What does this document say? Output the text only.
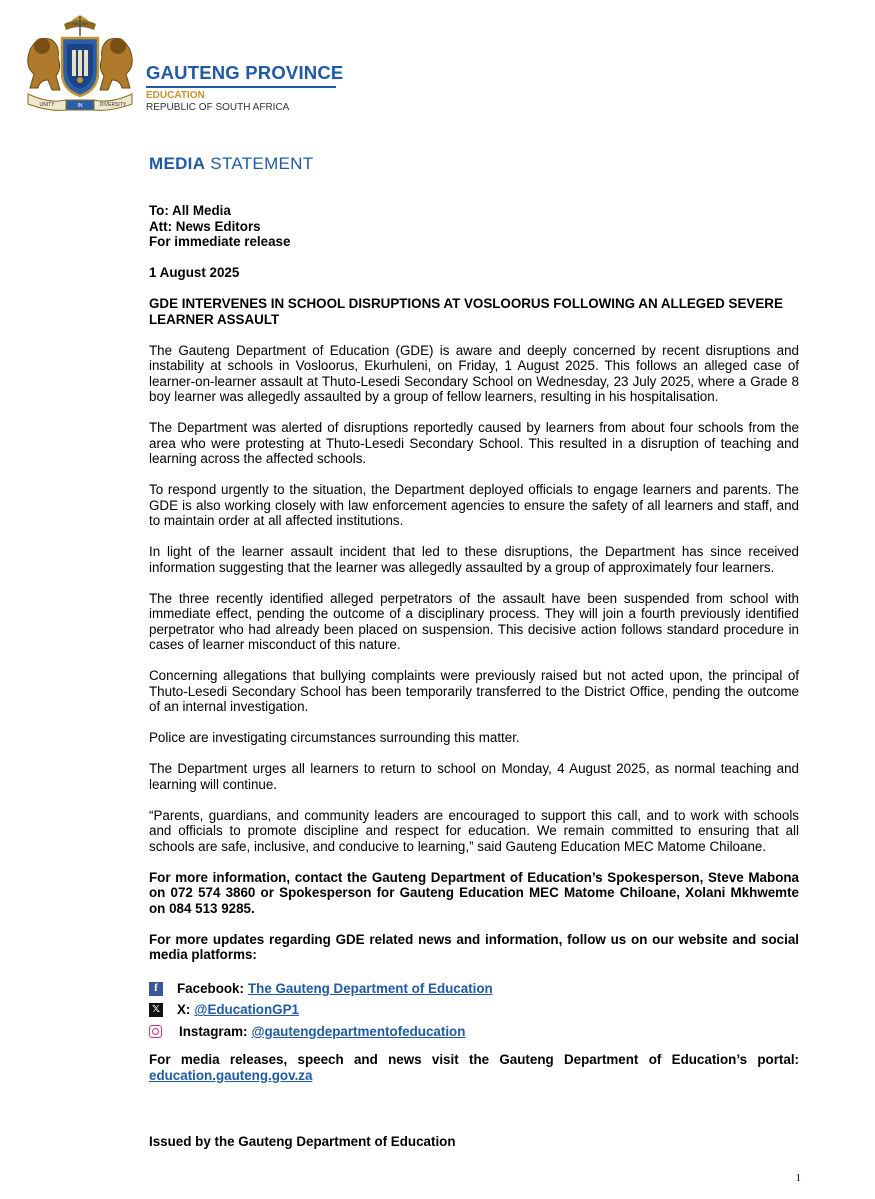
UNITY	IN	DIVERSITY
GAUTENG PROVINCE
EDUCATION
REPUBLIC OF SOUTH AFRICA
MEDIA STATEMENT
To: All Media
Att: News Editors
For immediate release

1 August 2025

GDE INTERVENES IN SCHOOL DISRUPTIONS AT VOSLOORUS FOLLOWING AN ALLEGED SEVERE LEARNER ASSAULT

The Gauteng Department of Education (GDE) is aware and deeply concerned by recent disruptions and instability at schools in Vosloorus, Ekurhuleni, on Friday, 1 August 2025. This follows an alleged case of learner-on-learner assault at Thuto-Lesedi Secondary School on Wednesday, 23 July 2025, where a Grade 8 boy learner was allegedly assaulted by a group of fellow learners, resulting in his hospitalisation.

The Department was alerted of disruptions reportedly caused by learners from about four schools from the area who were protesting at Thuto-Lesedi Secondary School. This resulted in a disruption of teaching and learning across the affected schools.

To respond urgently to the situation, the Department deployed officials to engage learners and parents. The GDE is also working closely with law enforcement agencies to ensure the safety of all learners and staff, and to maintain order at all affected institutions.

In light of the learner assault incident that led to these disruptions, the Department has since received information suggesting that the learner was allegedly assaulted by a group of approximately four learners.

The three recently identified alleged perpetrators of the assault have been suspended from school with immediate effect, pending the outcome of a disciplinary process. They will join a fourth previously identified perpetrator who had already been placed on suspension. This decisive action follows standard procedure in cases of learner misconduct of this nature.

Concerning allegations that bullying complaints were previously raised but not acted upon, the principal of Thuto-Lesedi Secondary School has been temporarily transferred to the District Office, pending the outcome of an internal investigation.

Police are investigating circumstances surrounding this matter.

The Department urges all learners to return to school on Monday, 4 August 2025, as normal teaching and learning will continue.

“Parents, guardians, and community leaders are encouraged to support this call, and to work with schools and officials to promote discipline and respect for education. We remain committed to ensuring that all schools are safe, inclusive, and conducive to learning,” said Gauteng Education MEC Matome Chiloane.

For more information, contact the Gauteng Department of Education’s Spokesperson, Steve Mabona on 072 574 3860 or Spokesperson for Gauteng Education MEC Matome Chiloane, Xolani Mkhwemte on 084 513 9285.

For more updates regarding GDE related news and information, follow us on our website and social media platforms:

f	Facebook: The Gauteng Department of Education
𝕏 X: @EducationGP1
Instagram: @gautengdepartmentofeducation

For media releases, speech and news visit the Gauteng Department of Education’s portal: education.gauteng.gov.za

Issued by the Gauteng Department of Education
1
